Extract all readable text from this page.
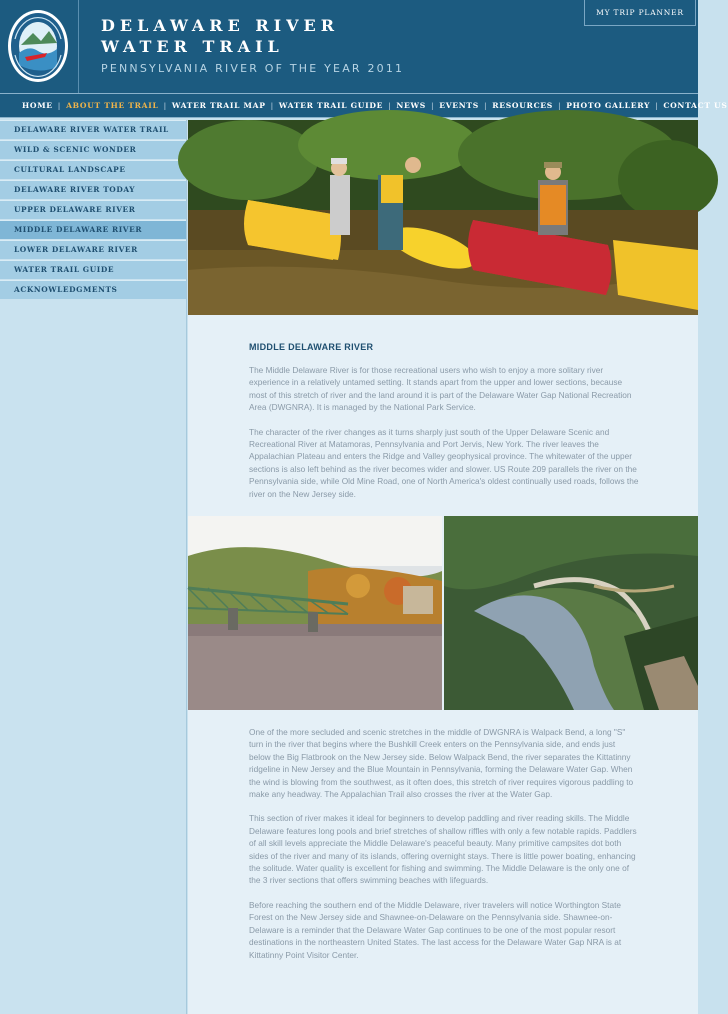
DELAWARE RIVER
WATER TRAIL

PENNSYLVANIA RIVER OF THE YEAR 2011

MY TRIP PLANNER
HOME | ABOUT THE TRAIL | WATER TRAIL MAP | WATER TRAIL GUIDE | NEWS | EVENTS | RESOURCES | PHOTO GALLERY | CONTACT US
DELAWARE RIVER WATER TRAIL
WILD & SCENIC WONDER
CULTURAL LANDSCAPE
DELAWARE RIVER TODAY
UPPER DELAWARE RIVER
MIDDLE DELAWARE RIVER
LOWER DELAWARE RIVER
WATER TRAIL GUIDE
ACKNOWLEDGMENTS
MIDDLE DELAWARE RIVER

The Middle Delaware River is for those recreational users who wish to enjoy a more solitary river experience in a relatively untamed setting. It stands apart from the upper and lower sections, because most of this stretch of river and the land around it is part of the Delaware Water Gap National Recreation Area (DWGNRA). It is managed by the National Park Service.

The character of the river changes as it turns sharply just south of the Upper Delaware Scenic and Recreational River at Matamoras, Pennsylvania and Port Jervis, New York. The river leaves the Appalachian Plateau and enters the Ridge and Valley geophysical province. The whitewater of the upper sections is also left behind as the river becomes wider and slower. US Route 209 parallels the river on the Pennsylvania side, while Old Mine Road, one of North America's oldest continually used roads, follows the river on the New Jersey side.

One of the more secluded and scenic stretches in the middle of DWGNRA is Walpack Bend, a long "S" turn in the river that begins where the Bushkill Creek enters on the Pennsylvania side, and ends just below the Big Flatbrook on the New Jersey side. Below Walpack Bend, the river separates the Kittatinny ridgeline in New Jersey and the Blue Mountain in Pennsylvania, forming the Delaware Water Gap. When the wind is blowing from the southwest, as it often does, this stretch of river requires vigorous paddling to make any headway. The Appalachian Trail also crosses the river at the Water Gap.

This section of river makes it ideal for beginners to develop paddling and river reading skills. The Middle Delaware features long pools and brief stretches of shallow riffles with only a few notable rapids. Paddlers of all skill levels appreciate the Middle Delaware's peaceful beauty. Many primitive campsites dot both sides of the river and many of its islands, offering overnight stays. There is little power boating, enhancing the solitude. Water quality is excellent for fishing and swimming. The Middle Delaware is the only one of the 3 river sections that offers swimming beaches with lifeguards.

Before reaching the southern end of the Middle Delaware, river travelers will notice Worthington State Forest on the New Jersey side and Shawnee-on-Delaware on the Pennsylvania side. Shawnee-on-Delaware is a reminder that the Delaware Water Gap continues to be one of the most popular resort destinations in the northeastern United States. The last access for the Delaware Water Gap NRA is at Kittatinny Point Visitor Center.
